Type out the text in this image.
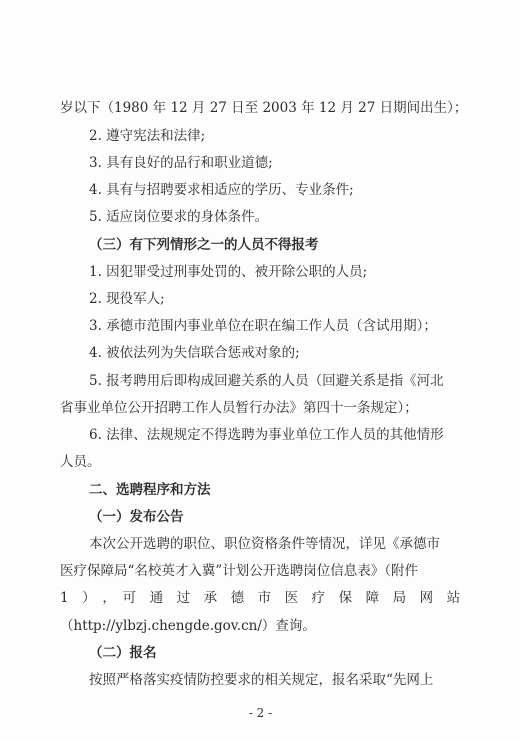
岁以下（1980 年 12 月 27 日至 2003 年 12 月 27 日期间出生）；
2. 遵守宪法和法律;
3. 具有良好的品行和职业道德;
4. 具有与招聘要求相适应的学历、专业条件;
5. 适应岗位要求的身体条件。
（三）有下列情形之一的人员不得报考
1. 因犯罪受过刑事处罚的、被开除公职的人员;
2. 现役军人;
3. 承德市范围内事业单位在职在编工作人员（含试用期）；
4. 被依法列为失信联合惩戒对象的;
5. 报考聘用后即构成回避关系的人员（回避关系是指《河北
省事业单位公开招聘工作人员暂行办法》第四十一条规定）；
6. 法律、法规规定不得选聘为事业单位工作人员的其他情形
人员。
二、选聘程序和方法
（一）发布公告
本次公开选聘的职位、职位资格条件等情况，详见《承德市
医疗保障局“名校英才入冀”计划公开选聘岗位信息表》（附件
1　）　，　可　通　过　承　德　市　医　疗　保　障　局　网　站
（http://ylbzj.chengde.gov.cn/）查询。
（二）报名
按照严格落实疫情防控要求的相关规定，报名采取“先网上
- 2 -
